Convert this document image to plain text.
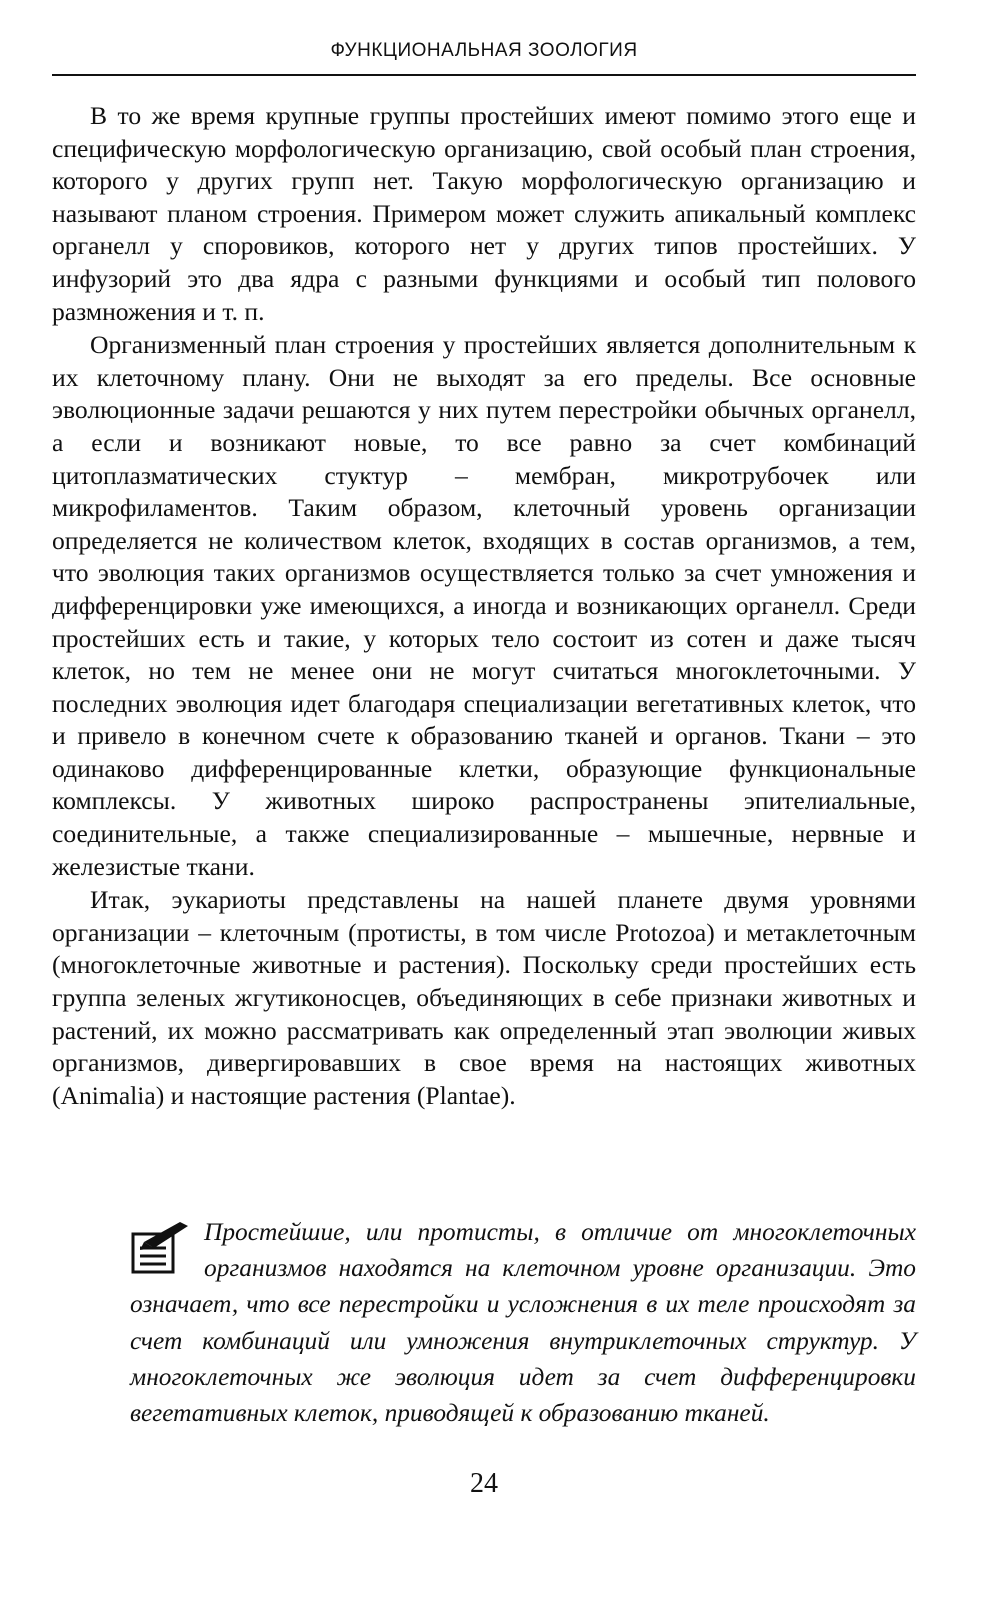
ФУНКЦИОНАЛЬНАЯ ЗООЛОГИЯ

В то же время крупные группы простейших имеют помимо этого еще и специфическую морфологическую организацию, свой особый план строения, которого у других групп нет. Такую морфологическую организацию и называют планом строения. Примером может служить апикальный комплекс органелл у споровиков, которого нет у других типов простейших. У инфузорий это два ядра с разными функциями и особый тип полового размножения и т. п.

Организменный план строения у простейших является дополнительным к их клеточному плану. Они не выходят за его пределы. Все основные эволюционные задачи решаются у них путем перестройки обычных органелл, а если и возникают новые, то все равно за счет комбинаций цитоплазматических стуктур – мембран, микротрубочек или микрофиламентов. Таким образом, клеточный уровень организации определяется не количеством клеток, входящих в состав организмов, а тем, что эволюция таких организмов осуществляется только за счет умножения и дифференцировки уже имеющихся, а иногда и возникающих органелл. Среди простейших есть и такие, у которых тело состоит из сотен и даже тысяч клеток, но тем не менее они не могут считаться многоклеточными. У последних эволюция идет благодаря специализации вегетативных клеток, что и привело в конечном счете к образованию тканей и органов. Ткани – это одинаково дифференцированные клетки, образующие функциональные комплексы. У животных широко распространены эпителиальные, соединительные, а также специализированные – мышечные, нервные и железистые ткани.

Итак, эукариоты представлены на нашей планете двумя уровнями организации – клеточным (протисты, в том числе Protozoa) и метаклеточным (многоклеточные животные и растения). Поскольку среди простейших есть группа зеленых жгутиконосцев, объединяющих в себе признаки животных и растений, их можно рассматривать как определенный этап эволюции живых организмов, дивергировавших в свое время на настоящих животных (Animalia) и настоящие растения (Plantae).

Простейшие, или протисты, в отличие от многоклеточных организмов находятся на клеточном уровне организации. Это означает, что все перестройки и усложнения в их теле происходят за счет комбинаций или умножения внутриклеточных структур. У многоклеточных же эволюция идет за счет дифференцировки вегетативных клеток, приводящей к образованию тканей.

24
